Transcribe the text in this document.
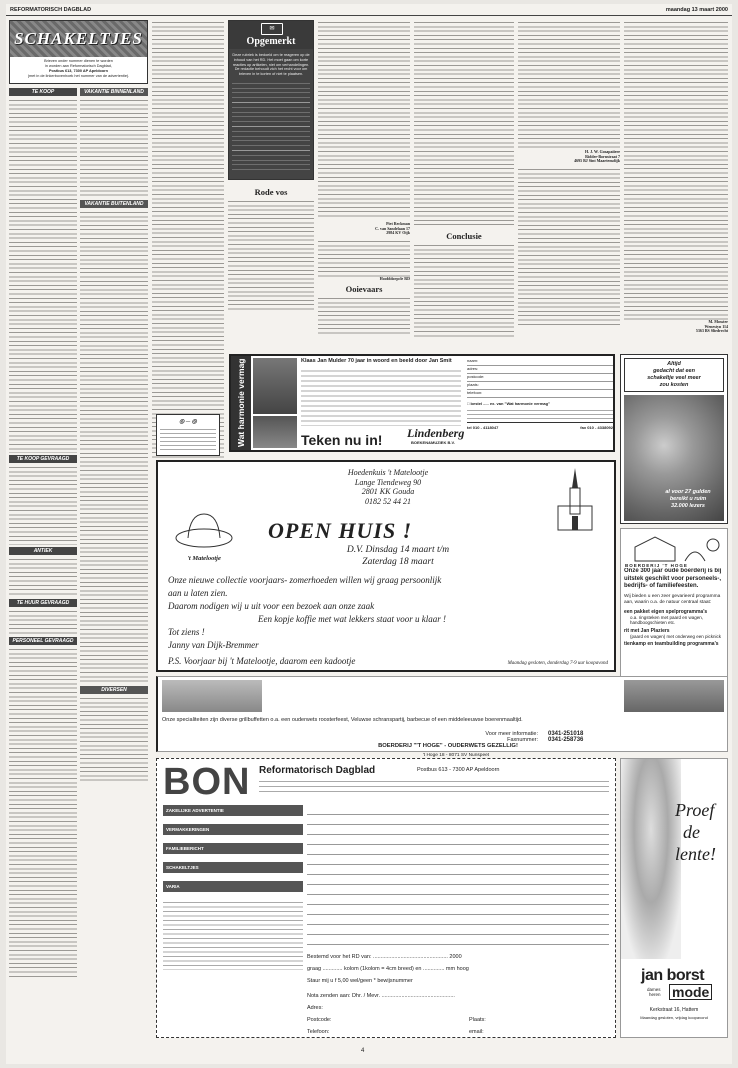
REFORMATORISCH DAGBLAD	maandag 13 maart 2000
SCHAKELTJES
Brieven onder nummer dienen te worden
in worden aan Reformatorisch Dagblad,
Postbus 613, 7300 AP Apeldoorn
(met in de linkerbovenhoek het nummer van de advertentie).
TE KOOP
TE KOOP GEVRAAGD
ANTIEK
TE HUUR GEVRAAGD
PERSONEEL GEVRAAGD
VAKANTIE BINNENLAND
VAKANTIE BUITENLAND
◎ ─ ◎
✉
Opgemerkt
Deze rubriek is bedoeld om te reageren op de inhoud van het RD. Het moet gaan om korte reacties op artikelen, niet om verhandelingen. De redactie behoudt zich het recht voor om brieven in te korten of niet te plaatsen.
Rode vos
Piet Reckman
C. van Sandelaan 17
2984 KV Oijk
Hoofddorpcle RD
Ooievaars
Conclusie
H. J. W. Gosapaiiere
Ridder-Bornstraat 7
4695 BJ Sint Maartensdijk
M. Mosster
Wenestyn 114
5363 BS Sliedrecht
Wat harmonie vermag	Klaas Jan Mulder 70 jaar in woord en beeld door Jan Smit
Teken nu in! Lindenberg
BOEKEN&MUZIEK B.V.
naam:
adres:
postcode:
plaats:
telefoon:
□ bestel ..... ex. van "Wat harmonie vermag"
tel 010 - 4118047	fax 010 - 4338092
Altijd
gedacht dat een
schakeltje veel meer
zou kosten
al voor 27 gulden
bereikt u ruim
32.000 lezers
Hoedenkuis 't Matelootje
Lange Tiendeweg 90
2801 KK Gouda
0182 52 44 21
't Matelootje
OPEN HUIS !
D.V. Dinsdag 14 maart t/m
Zaterdag 18 maart
Onze nieuwe collectie voorjaars- zomerhoeden willen wij graag persoonlijk
aan u laten zien.
Daarom nodigen wij u uit voor een bezoek aan onze zaak
Een kopje koffie met wat lekkers staat voor u klaar !
Tot ziens !
Janny van Dijk-Bremmer
P.S. Voorjaar bij 't Matelootje, daarom een kadootje	Maandag gesloten, donderdag 7-9 uur koopavond
BOERDERIJ 'T HOGE
Onze 300 jaar oude boerderij is bij uitstek geschikt voor personeels-, bedrijfs- of familiefeesten.
Wij bieden u een zeer gevarieerd programma aan, waarin o.a. de natuur centraal staat:
een pakket eigen spelprogramma's
o.a. ringsteken met paard en wagen, handboogschieten etc.
rit met Jan Plaziers
(paard en wagen) met onderweg een picknick
tienkamp en teambuilding programma's
Onze specialiteiten zijn diverse grillbuffetten o.a. een ouderwets roosterfeest, Veluwse schranspartij, barbecue of een middeleeuwse boerenmaaltijd.
Voor meer informatie:
Faxnummer:
0341-251018
0341-258736
BOERDERIJ "'T HOGE" - OUDERWETS GEZELLIG!
't Hoge 18 - 8071 SV Nunspeet
BON Reformatorisch Dagblad	Postbus 613 - 7300 AP Apeldoorn
ZAKELIJKE ADVERTENTIE
VERMAKKERINGEN
FAMILIEBERICHT
SCHAKELTJES
VARIA
Bestemd voor het RD van: ................................................. 2000
graag ............. kolom (1kolom = 4cm breed) en .............. mm hoog
Staur mij u f 5,00 wel/geen * bewijsnummer
Nota zenden aan: Dhr. / Mevr. ................................................
Adres:
Postcode:	Plaats:
Telefoon:	email:
DIVERSEN
Proef
de
lente!
jan borst
dames
heren mode
Kerkstraat 16, Hattem
Maandag gesloten, vrijdag koopavond
4
